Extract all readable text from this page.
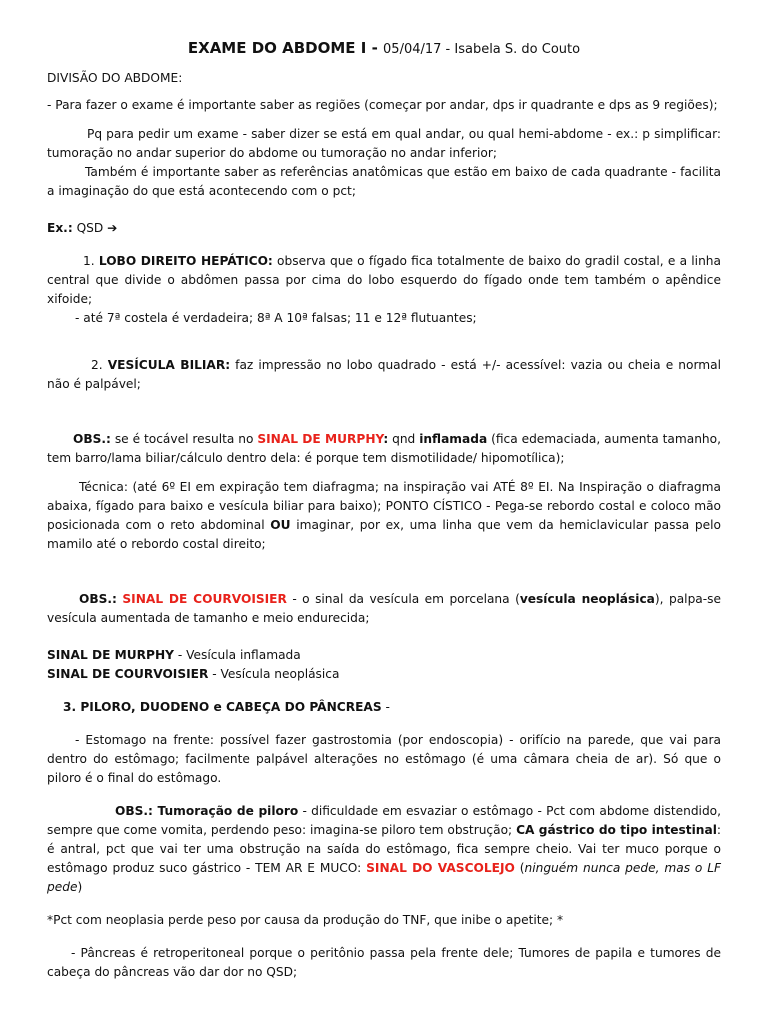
EXAME DO ABDOME I - 05/04/17 - Isabela S. do Couto

DIVISÃO DO ABDOME:

- Para fazer o exame é importante saber as regiões (começar por andar, dps ir quadrante e dps as 9 regiões);

Pq para pedir um exame - saber dizer se está em qual andar, ou qual hemi-abdome - ex.: p simplificar: tumoração no andar superior do abdome ou tumoração no andar inferior;

Também é importante saber as referências anatômicas que estão em baixo de cada quadrante - facilita a imaginação do que está acontecendo com o pct;

Ex.: QSD ➔

1. LOBO DIREITO HEPÁTICO: observa que o fígado fica totalmente de baixo do gradil costal, e a linha central que divide o abdômen passa por cima do lobo esquerdo do fígado onde tem também o apêndice xifoide;

- até 7ª costela é verdadeira; 8ª A 10ª falsas; 11 e 12ª flutuantes;

2. VESÍCULA BILIAR: faz impressão no lobo quadrado - está +/- acessível: vazia ou cheia e normal não é palpável;

OBS.: se é tocável resulta no SINAL DE MURPHY: qnd inflamada (fica edemaciada, aumenta tamanho, tem barro/lama biliar/cálculo dentro dela: é porque tem dismotilidade/ hipomotílica);

Técnica: (até 6º EI em expiração tem diafragma; na inspiração vai ATÉ 8º EI. Na Inspiração o diafragma abaixa, fígado para baixo e vesícula biliar para baixo); PONTO CÍSTICO - Pega-se rebordo costal e coloco mão posicionada com o reto abdominal OU imaginar, por ex, uma linha que vem da hemiclavicular passa pelo mamilo até o rebordo costal direito;

OBS.: SINAL DE COURVOISIER - o sinal da vesícula em porcelana (vesícula neoplásica), palpa-se vesícula aumentada de tamanho e meio endurecida;

SINAL DE MURPHY - Vesícula inflamada

SINAL DE COURVOISIER - Vesícula neoplásica

3. PILORO, DUODENO e CABEÇA DO PÂNCREAS -

- Estomago na frente: possível fazer gastrostomia (por endoscopia) - orifício na parede, que vai para dentro do estômago; facilmente palpável alterações no estômago (é uma câmara cheia de ar). Só que o piloro é o final do estômago.

OBS.: Tumoração de piloro - dificuldade em esvaziar o estômago - Pct com abdome distendido, sempre que come vomita, perdendo peso: imagina-se piloro tem obstrução; CA gástrico do tipo intestinal: é antral, pct que vai ter uma obstrução na saída do estômago, fica sempre cheio. Vai ter muco porque o estômago produz suco gástrico - TEM AR E MUCO: SINAL DO VASCOLEJO (ninguém nunca pede, mas o LF pede)

*Pct com neoplasia perde peso por causa da produção do TNF, que inibe o apetite; *

- Pâncreas é retroperitoneal porque o peritônio passa pela frente dele; Tumores de papila e tumores de cabeça do pâncreas vão dar dor no QSD;
